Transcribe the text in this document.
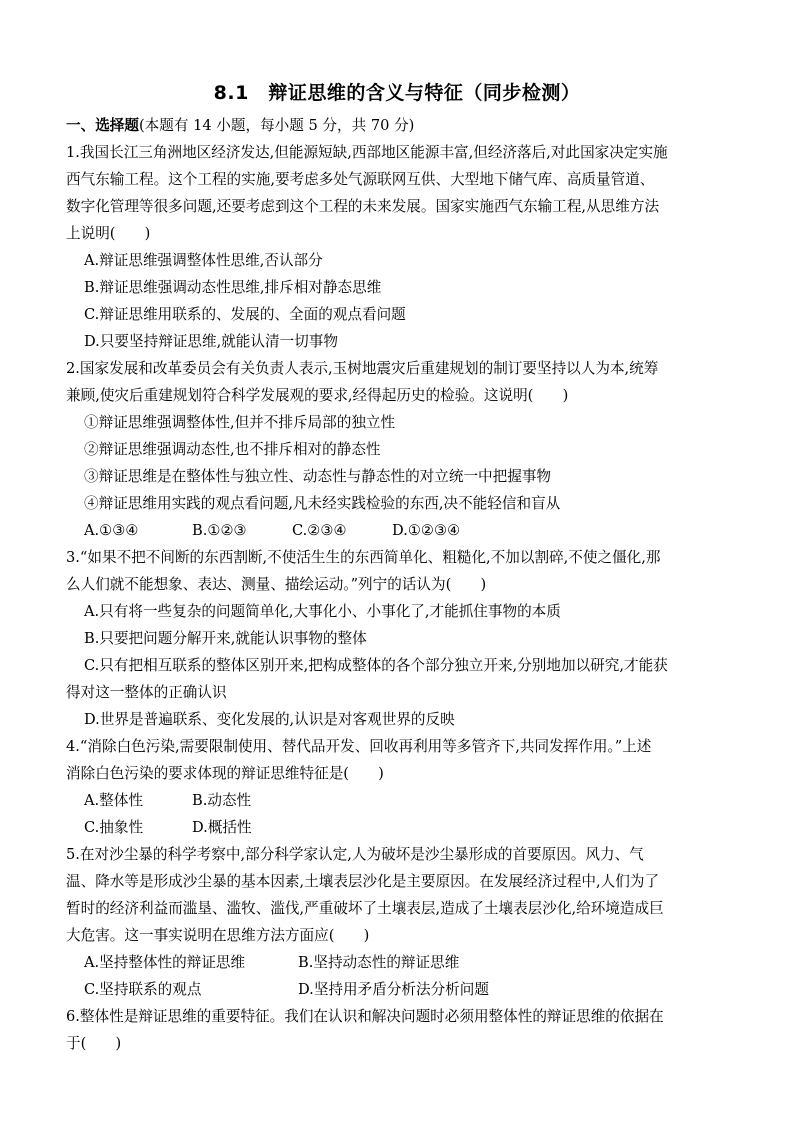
8.1　辩证思维的含义与特征（同步检测）
一、选择题(本题有 14 小题，每小题 5 分，共 70 分)
1.我国长江三角洲地区经济发达,但能源短缺,西部地区能源丰富,但经济落后,对此国家决定实施
西气东输工程。这个工程的实施,要考虑多处气源联网互供、大型地下储气库、高质量管道、
数字化管理等很多问题,还要考虑到这个工程的未来发展。国家实施西气东输工程,从思维方法
上说明(　　)
A.辩证思维强调整体性思维,否认部分
B.辩证思维强调动态性思维,排斥相对静态思维
C.辩证思维用联系的、发展的、全面的观点看问题
D.只要坚持辩证思维,就能认清一切事物
2.国家发展和改革委员会有关负责人表示,玉树地震灾后重建规划的制订要坚持以人为本,统筹
兼顾,使灾后重建规划符合科学发展观的要求,经得起历史的检验。这说明(　　)
①辩证思维强调整体性,但并不排斥局部的独立性
②辩证思维强调动态性,也不排斥相对的静态性
③辩证思维是在整体性与独立性、动态性与静态性的对立统一中把握事物
④辩证思维用实践的观点看问题,凡未经实践检验的东西,决不能轻信和盲从
A.①③④	B.①②③	C.②③④	D.①②③④
3.“如果不把不间断的东西割断,不使活生生的东西简单化、粗糙化,不加以割碎,不使之僵化,那
么人们就不能想象、表达、测量、描绘运动。”列宁的话认为(　　)
A.只有将一些复杂的问题简单化,大事化小、小事化了,才能抓住事物的本质
B.只要把问题分解开来,就能认识事物的整体
C.只有把相互联系的整体区别开来,把构成整体的各个部分独立开来,分别地加以研究,才能获
得对这一整体的正确认识
D.世界是普遍联系、变化发展的,认识是对客观世界的反映
4.“消除白色污染,需要限制使用、替代品开发、回收再利用等多管齐下,共同发挥作用。”上述
消除白色污染的要求体现的辩证思维特征是(　　)
A.整体性	B.动态性
C.抽象性	D.概括性
5.在对沙尘暴的科学考察中,部分科学家认定,人为破坏是沙尘暴形成的首要原因。风力、气
温、降水等是形成沙尘暴的基本因素,土壤表层沙化是主要原因。在发展经济过程中,人们为了
暂时的经济利益而滥垦、滥牧、滥伐,严重破坏了土壤表层,造成了土壤表层沙化,给环境造成巨
大危害。这一事实说明在思维方法方面应(　　)
A.坚持整体性的辩证思维	B.坚持动态性的辩证思维
C.坚持联系的观点	D.坚持用矛盾分析法分析问题
6.整体性是辩证思维的重要特征。我们在认识和解决问题时必须用整体性的辩证思维的依据在
于(　　)
